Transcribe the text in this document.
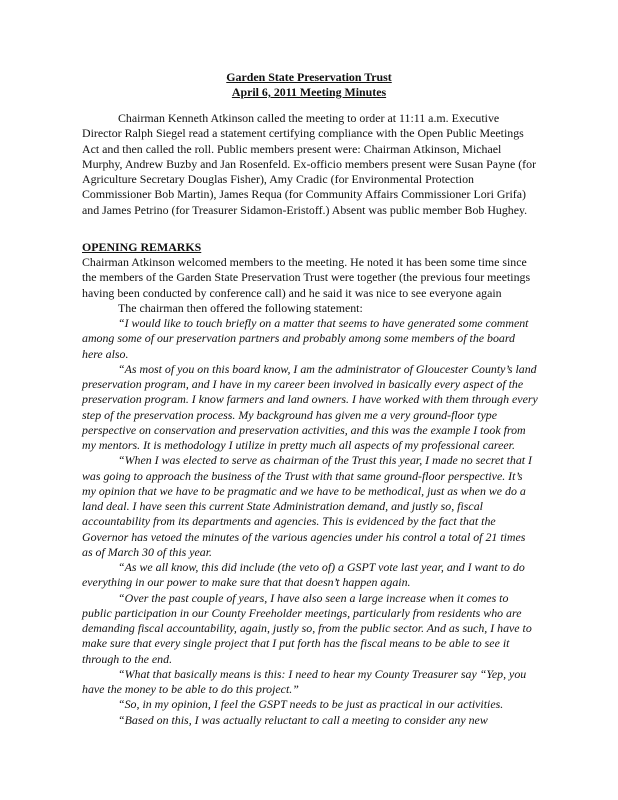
Garden State Preservation Trust
April 6, 2011 Meeting Minutes

Chairman Kenneth Atkinson called the meeting to order at 11:11 a.m. Executive Director Ralph Siegel read a statement certifying compliance with the Open Public Meetings Act and then called the roll. Public members present were: Chairman Atkinson, Michael Murphy, Andrew Buzby and Jan Rosenfeld. Ex-officio members present were Susan Payne (for Agriculture Secretary Douglas Fisher), Amy Cradic (for Environmental Protection Commissioner Bob Martin), James Requa (for Community Affairs Commissioner Lori Grifa) and James Petrino (for Treasurer Sidamon-Eristoff.) Absent was public member Bob Hughey.

OPENING REMARKS

Chairman Atkinson welcomed members to the meeting. He noted it has been some time since the members of the Garden State Preservation Trust were together (the previous four meetings having been conducted by conference call) and he said it was nice to see everyone again

The chairman then offered the following statement:

“I would like to touch briefly on a matter that seems to have generated some comment among some of our preservation partners and probably among some members of the board here also.

“As most of you on this board know, I am the administrator of Gloucester County’s land preservation program, and I have in my career been involved in basically every aspect of the preservation program. I know farmers and land owners. I have worked with them through every step of the preservation process. My background has given me a very ground-floor type perspective on conservation and preservation activities, and this was the example I took from my mentors. It is methodology I utilize in pretty much all aspects of my professional career.

“When I was elected to serve as chairman of the Trust this year, I made no secret that I was going to approach the business of the Trust with that same ground-floor perspective. It’s my opinion that we have to be pragmatic and we have to be methodical, just as when we do a land deal. I have seen this current State Administration demand, and justly so, fiscal accountability from its departments and agencies. This is evidenced by the fact that the Governor has vetoed the minutes of the various agencies under his control a total of 21 times as of March 30 of this year.

“As we all know, this did include (the veto of) a GSPT vote last year, and I want to do everything in our power to make sure that that doesn’t happen again.

“Over the past couple of years, I have also seen a large increase when it comes to public participation in our County Freeholder meetings, particularly from residents who are demanding fiscal accountability, again, justly so, from the public sector. And as such, I have to make sure that every single project that I put forth has the fiscal means to be able to see it through to the end.

“What that basically means is this: I need to hear my County Treasurer say “Yep, you have the money to be able to do this project.”

“So, in my opinion, I feel the GSPT needs to be just as practical in our activities.

“Based on this, I was actually reluctant to call a meeting to consider any new
